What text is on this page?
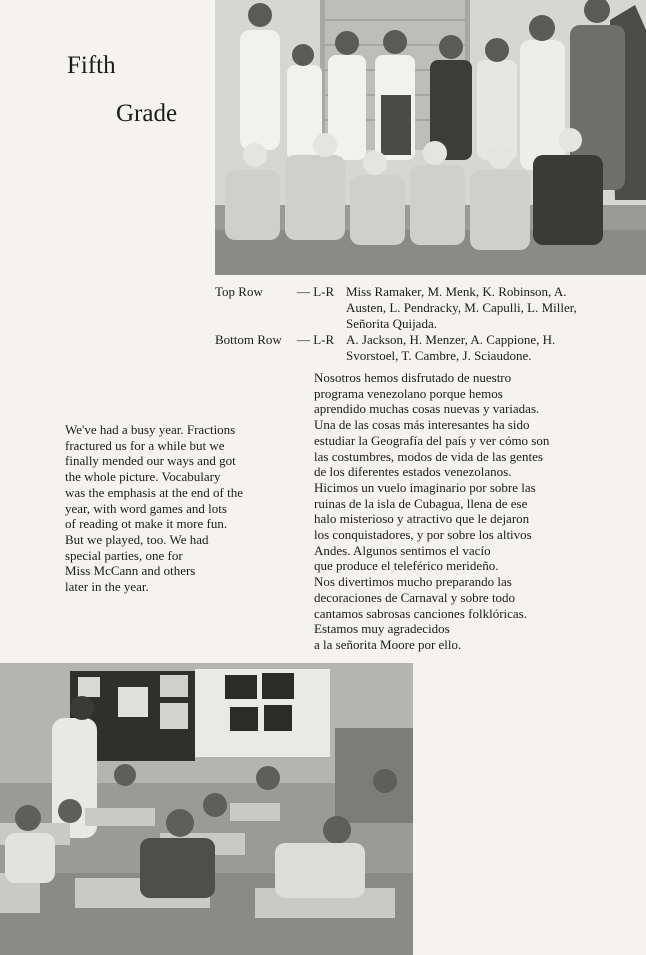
Fifth
Grade
Top Row	— L-R Miss Ramaker, M. Menk, K. Robinson, A. Austen, L. Pendracky, M. Capulli, L. Miller, Señorita Quijada.
Bottom Row — L-R A. Jackson, H. Menzer, A. Cappione, H. Svorstoel, T. Cambre, J. Sciaudone.

We've had a busy year. Fractions
fractured us for a while but we
finally mended our ways and got
the whole picture. Vocabulary
was the emphasis at the end of the
year, with word games and lots
of reading ot make it more fun.
But we played, too. We had
special parties, one for
Miss McCann and others
later in the year.

Nosotros hemos disfrutado de nuestro
programa venezolano porque hemos
aprendido muchas cosas nuevas y variadas.
Una de las cosas más interesantes ha sido
estudiar la Geografía del país y ver cómo son
las costumbres, modos de vida de las gentes
de los diferentes estados venezolanos.
Hicimos un vuelo imaginario por sobre las
ruinas de la isla de Cubagua, llena de ese
halo misterioso y atractivo que le dejaron
los conquistadores, y por sobre los altivos
Andes. Algunos sentimos el vacío
que produce el teleférico merideño.
Nos divertimos mucho preparando las
decoraciones de Carnaval y sobre todo
cantamos sabrosas canciones folklóricas.
Estamos muy agradecidos
a la señorita Moore por ello.
